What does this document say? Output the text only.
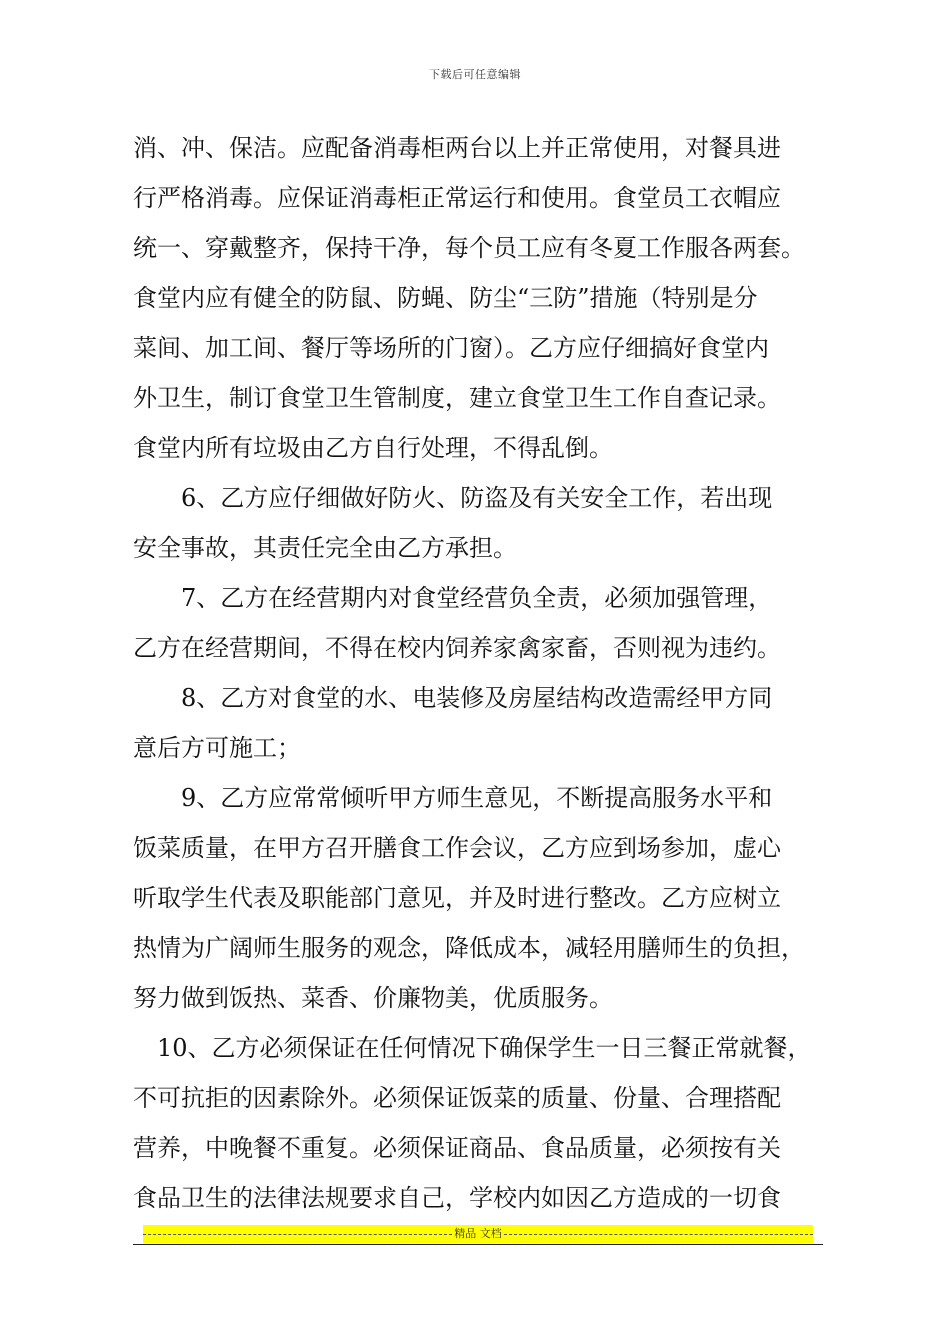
下载后可任意编辑
消、冲、保洁。应配备消毒柜两台以上并正常使用，对餐具进
行严格消毒。应保证消毒柜正常运行和使用。食堂员工衣帽应
统一、穿戴整齐，保持干净，每个员工应有冬夏工作服各两套。
食堂内应有健全的防鼠、防蝇、防尘“三防”措施（特别是分
菜间、加工间、餐厅等场所的门窗）。乙方应仔细搞好食堂内
外卫生，制订食堂卫生管制度，建立食堂卫生工作自查记录。
食堂内所有垃圾由乙方自行处理，不得乱倒。
6、乙方应仔细做好防火、防盗及有关安全工作，若出现
安全事故，其责任完全由乙方承担。
7、乙方在经营期内对食堂经营负全责，必须加强管理，
乙方在经营期间，不得在校内饲养家禽家畜，否则视为违约。
8、乙方对食堂的水、电装修及房屋结构改造需经甲方同
意后方可施工；
9、乙方应常常倾听甲方师生意见，不断提高服务水平和
饭菜质量，在甲方召开膳食工作会议，乙方应到场参加，虚心
听取学生代表及职能部门意见，并及时进行整改。乙方应树立
热情为广阔师生服务的观念，降低成本，减轻用膳师生的负担，
努力做到饭热、菜香、价廉物美，优质服务。
10、乙方必须保证在任何情况下确保学生一日三餐正常就餐，
不可抗拒的因素除外。必须保证饭菜的质量、份量、合理搭配
营养，中晚餐不重复。必须保证商品、食品质量，必须按有关
食品卫生的法律法规要求自己，学校内如因乙方造成的一切食
精品 文档
